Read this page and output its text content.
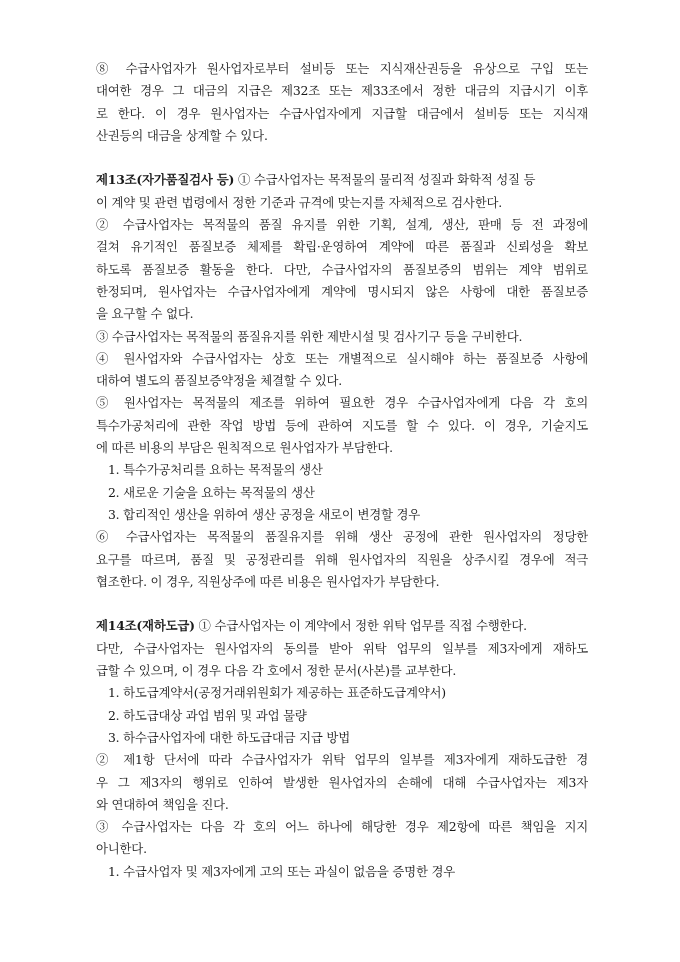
⑧ 수급사업자가 원사업자로부터 설비등 또는 지식재산권등을 유상으로 구입 또는
대여한 경우 그 대금의 지급은 제32조 또는 제33조에서 정한 대금의 지급시기 이후
로 한다. 이 경우 원사업자는 수급사업자에게 지급할 대금에서 설비등 또는 지식재
산권등의 대금을 상계할 수 있다.
제13조(자가품질검사 등) ① 수급사업자는 목적물의 물리적 성질과 화학적 성질 등
이 계약 및 관련 법령에서 정한 기준과 규격에 맞는지를 자체적으로 검사한다.
② 수급사업자는 목적물의 품질 유지를 위한 기획, 설계, 생산, 판매 등 전 과정에
걸쳐 유기적인 품질보증 체제를 확립·운영하여 계약에 따른 품질과 신뢰성을 확보
하도록 품질보증 활동을 한다. 다만, 수급사업자의 품질보증의 범위는 계약 범위로
한정되며, 원사업자는 수급사업자에게 계약에 명시되지 않은 사항에 대한 품질보증
을 요구할 수 없다.
③ 수급사업자는 목적물의 품질유지를 위한 제반시설 및 검사기구 등을 구비한다.
④ 원사업자와 수급사업자는 상호 또는 개별적으로 실시해야 하는 품질보증 사항에
대하여 별도의 품질보증약정을 체결할 수 있다.
⑤ 원사업자는 목적물의 제조를 위하여 필요한 경우 수급사업자에게 다음 각 호의
특수가공처리에 관한 작업 방법 등에 관하여 지도를 할 수 있다. 이 경우, 기술지도
에 따른 비용의 부담은 원칙적으로 원사업자가 부담한다.
1. 특수가공처리를 요하는 목적물의 생산
2. 새로운 기술을 요하는 목적물의 생산
3. 합리적인 생산을 위하여 생산 공정을 새로이 변경할 경우
⑥ 수급사업자는 목적물의 품질유지를 위해 생산 공정에 관한 원사업자의 정당한
요구를 따르며, 품질 및 공정관리를 위해 원사업자의 직원을 상주시킬 경우에 적극
협조한다. 이 경우, 직원상주에 따른 비용은 원사업자가 부담한다.
제14조(재하도급) ① 수급사업자는 이 계약에서 정한 위탁 업무를 직접 수행한다.
다만, 수급사업자는 원사업자의 동의를 받아 위탁 업무의 일부를 제3자에게 재하도
급할 수 있으며, 이 경우 다음 각 호에서 정한 문서(사본)를 교부한다.
1. 하도급계약서(공정거래위원회가 제공하는 표준하도급계약서)
2. 하도급대상 과업 범위 및 과업 물량
3. 하수급사업자에 대한 하도급대금 지급 방법
② 제1항 단서에 따라 수급사업자가 위탁 업무의 일부를 제3자에게 재하도급한 경
우 그 제3자의 행위로 인하여 발생한 원사업자의 손해에 대해 수급사업자는 제3자
와 연대하여 책임을 진다.
③ 수급사업자는 다음 각 호의 어느 하나에 해당한 경우 제2항에 따른 책임을 지지
아니한다.
1. 수급사업자 및 제3자에게 고의 또는 과실이 없음을 증명한 경우
